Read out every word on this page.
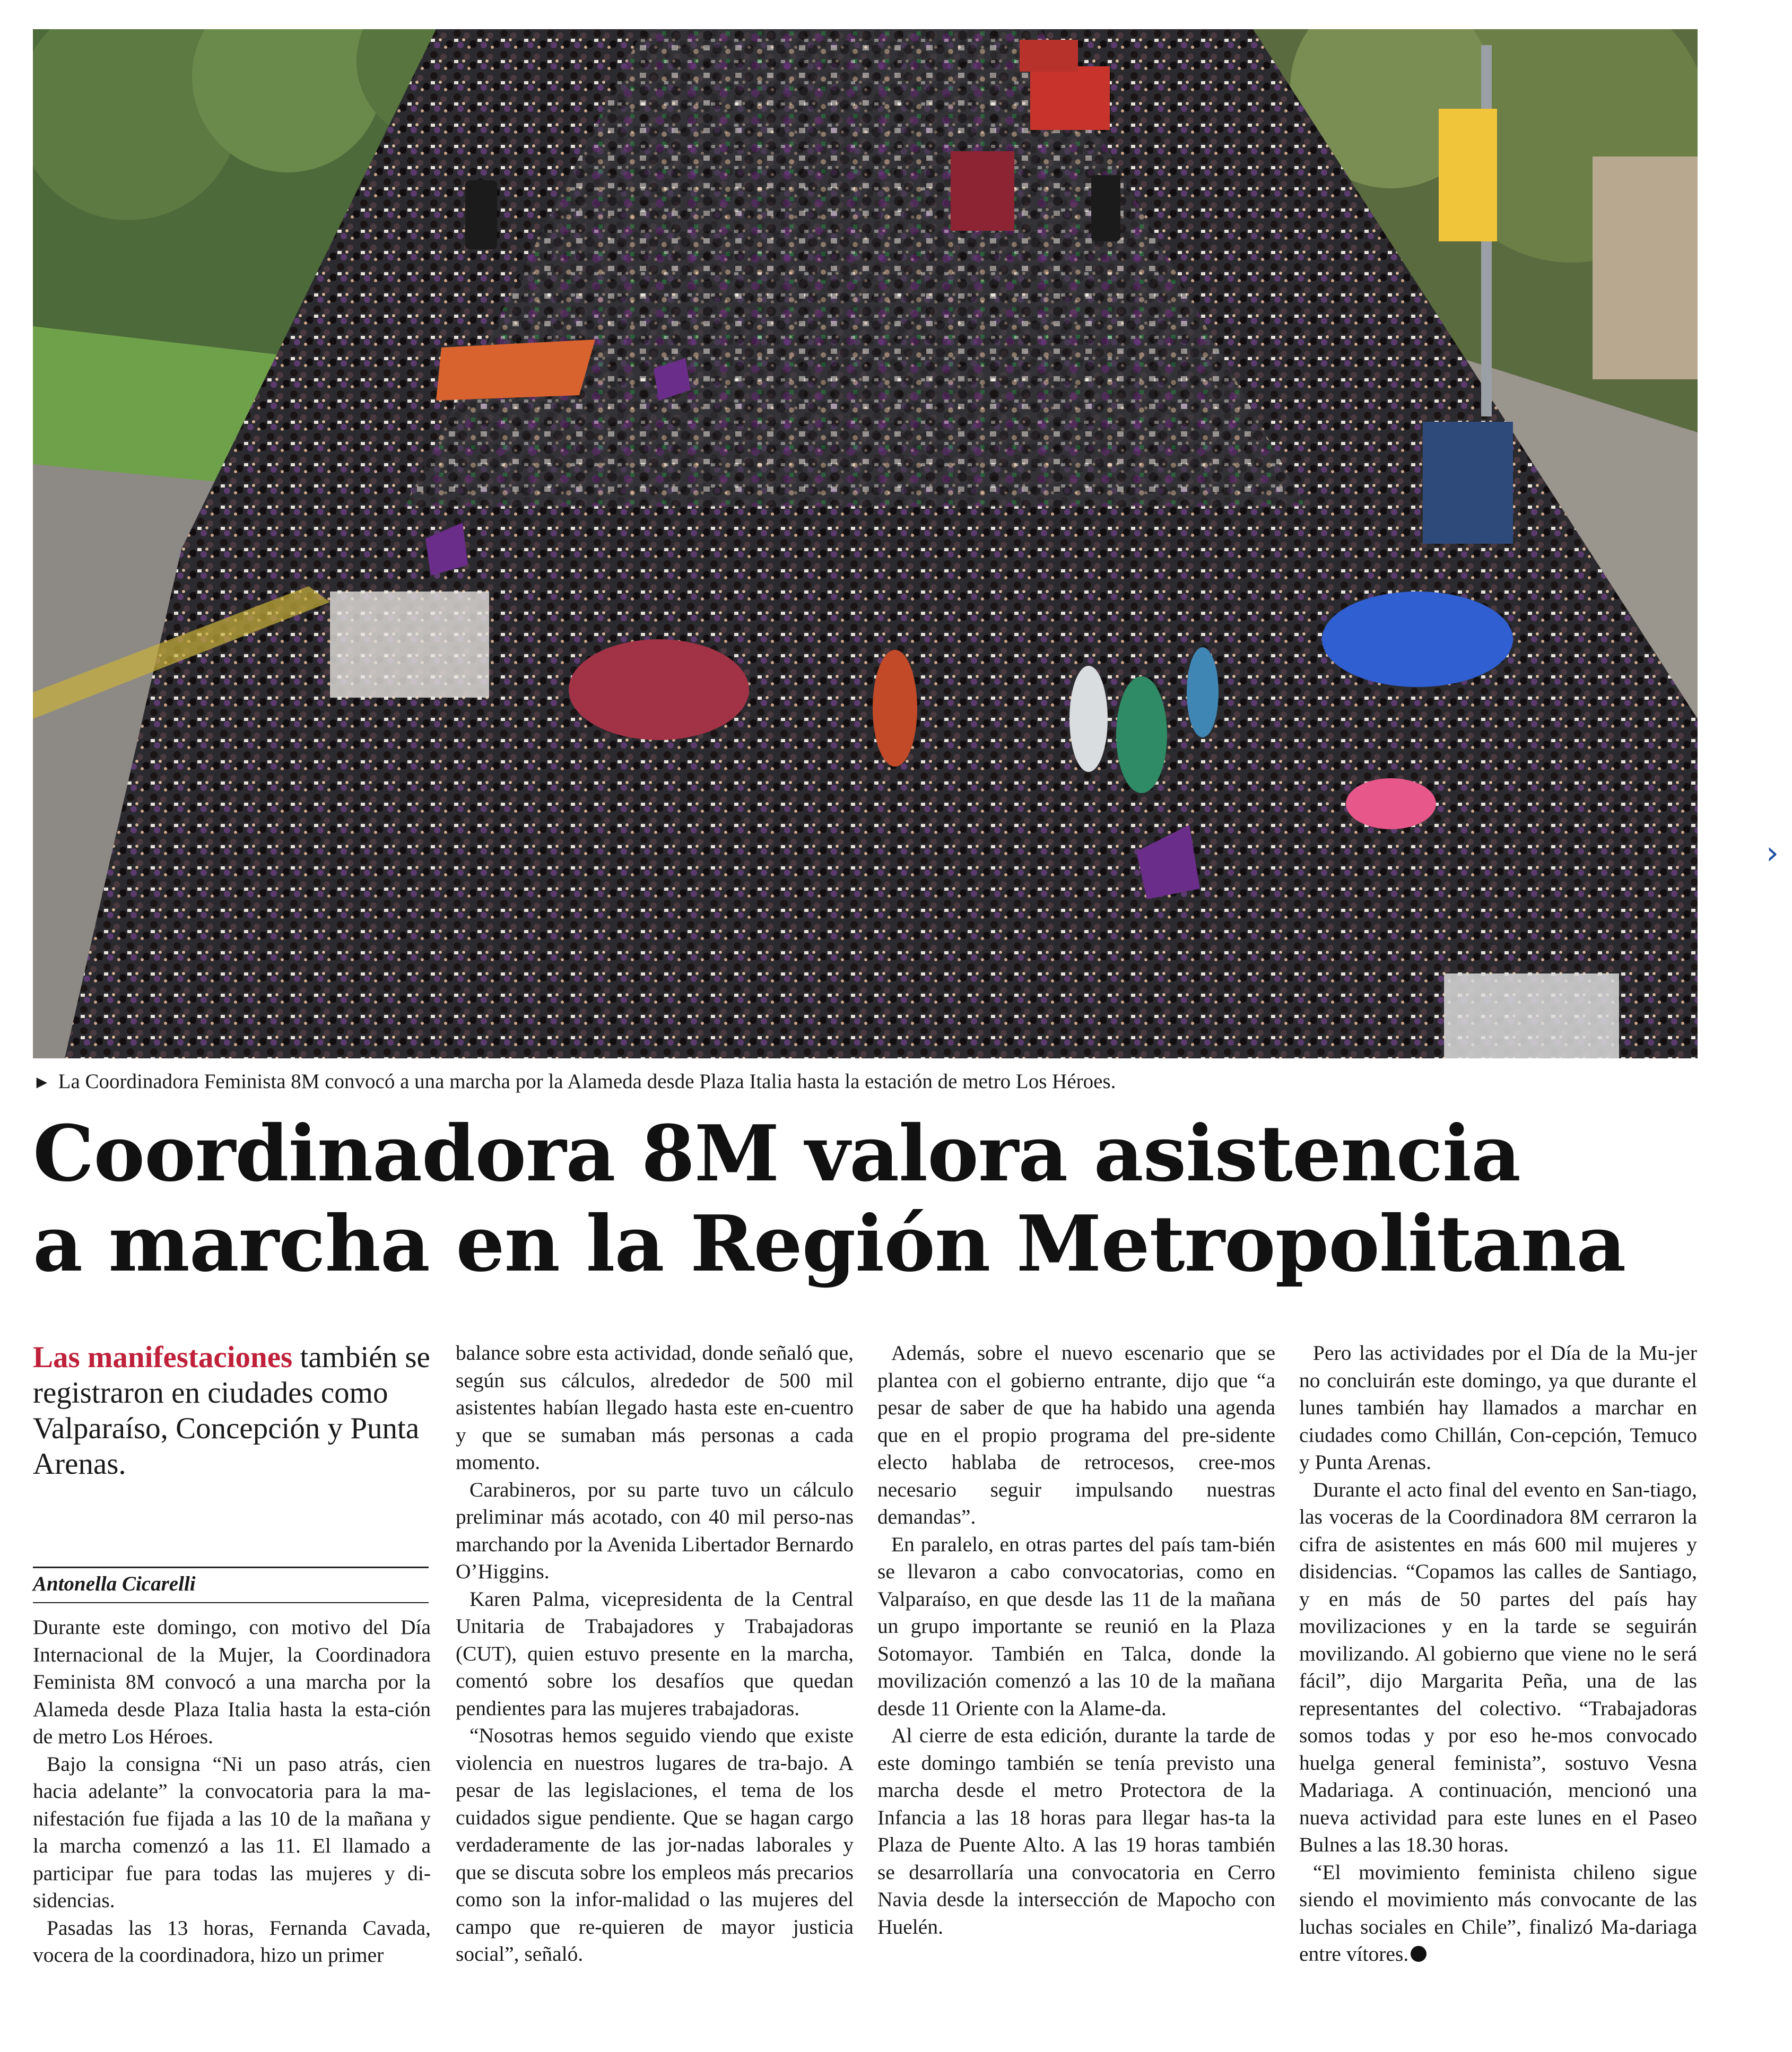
›
► La Coordinadora Feminista 8M convocó a una marcha por la Alameda desde Plaza Italia hasta la estación de metro Los Héroes.
Coordinadora 8M valora asistencia
a marcha en la Región Metropolitana
Las manifestaciones también se registraron en ciudades como Valparaíso, Concepción y Punta Arenas.
Antonella Cicarelli

Durante este domingo, con motivo del Día Internacional de la Mujer, la Coordinadora Feminista 8M convocó a una marcha por la Alameda desde Plaza Italia hasta la esta-ción de metro Los Héroes.

Bajo la consigna “Ni un paso atrás, cien hacia adelante” la convocatoria para la ma-nifestación fue fijada a las 10 de la mañana y la marcha comenzó a las 11. El llamado a participar fue para todas las mujeres y di-sidencias.

Pasadas las 13 horas, Fernanda Cavada, vocera de la coordinadora, hizo un primer

balance sobre esta actividad, donde señaló que, según sus cálculos, alrededor de 500 mil asistentes habían llegado hasta este en-cuentro y que se sumaban más personas a cada momento.

Carabineros, por su parte tuvo un cálculo preliminar más acotado, con 40 mil perso-nas marchando por la Avenida Libertador Bernardo O’Higgins.

Karen Palma, vicepresidenta de la Central Unitaria de Trabajadores y Trabajadoras (CUT), quien estuvo presente en la marcha, comentó sobre los desafíos que quedan pendientes para las mujeres trabajadoras.

“Nosotras hemos seguido viendo que existe violencia en nuestros lugares de tra-bajo. A pesar de las legislaciones, el tema de los cuidados sigue pendiente. Que se hagan cargo verdaderamente de las jor-nadas laborales y que se discuta sobre los empleos más precarios como son la infor-malidad o las mujeres del campo que re-quieren de mayor justicia social”, señaló.

Además, sobre el nuevo escenario que se plantea con el gobierno entrante, dijo que “a pesar de saber de que ha habido una agenda que en el propio programa del pre-sidente electo hablaba de retrocesos, cree-mos necesario seguir impulsando nuestras demandas”.

En paralelo, en otras partes del país tam-bién se llevaron a cabo convocatorias, como en Valparaíso, en que desde las 11 de la mañana un grupo importante se reunió en la Plaza Sotomayor. También en Talca, donde la movilización comenzó a las 10 de la mañana desde 11 Oriente con la Alame-da.

Al cierre de esta edición, durante la tarde de este domingo también se tenía previsto una marcha desde el metro Protectora de la Infancia a las 18 horas para llegar has-ta la Plaza de Puente Alto. A las 19 horas también se desarrollaría una convocatoria en Cerro Navia desde la intersección de Mapocho con Huelén.

Pero las actividades por el Día de la Mu-jer no concluirán este domingo, ya que durante el lunes también hay llamados a marchar en ciudades como Chillán, Con-cepción, Temuco y Punta Arenas.

Durante el acto final del evento en San-tiago, las voceras de la Coordinadora 8M cerraron la cifra de asistentes en más 600 mil mujeres y disidencias. “Copamos las calles de Santiago, y en más de 50 partes del país hay movilizaciones y en la tarde se seguirán movilizando. Al gobierno que viene no le será fácil”, dijo Margarita Peña, una de las representantes del colectivo. “Trabajadoras somos todas y por eso he-mos convocado huelga general feminista”, sostuvo Vesna Madariaga. A continuación, mencionó una nueva actividad para este lunes en el Paseo Bulnes a las 18.30 horas.

“El movimiento feminista chileno sigue siendo el movimiento más convocante de las luchas sociales en Chile”, finalizó Ma-dariaga entre vítores.
